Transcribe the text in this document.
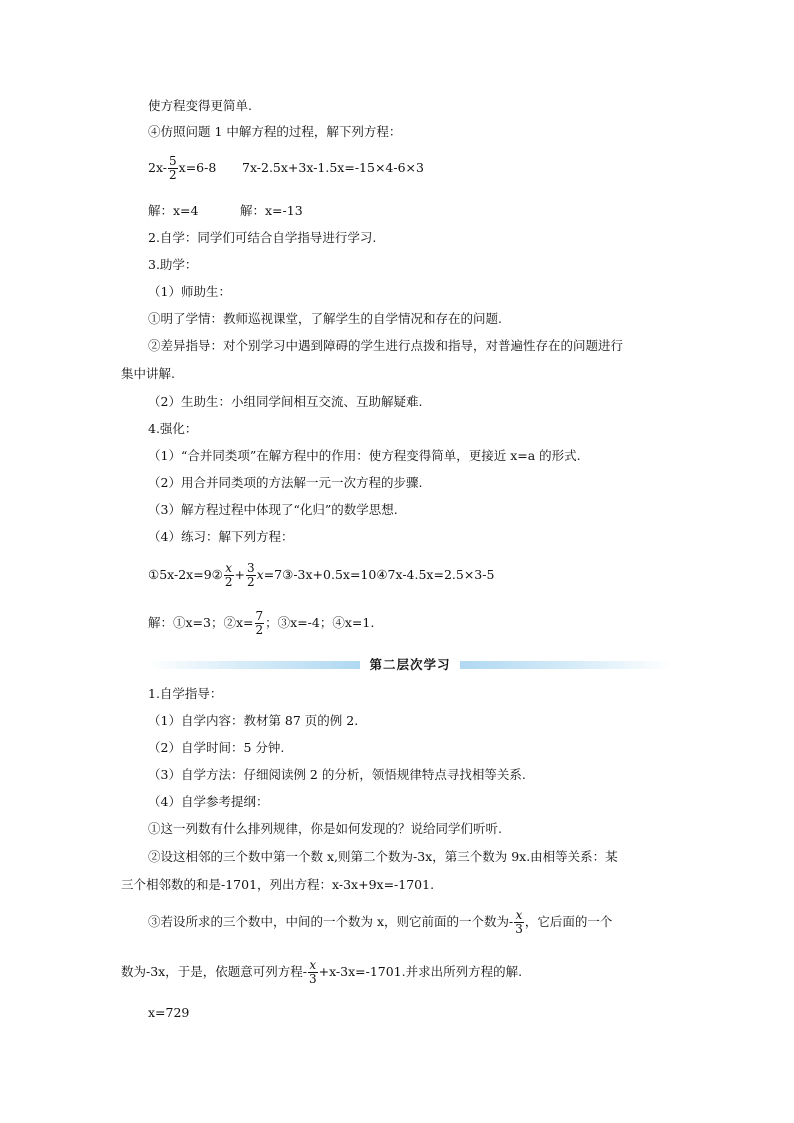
使方程变得更简单.
④仿照问题 1 中解方程的过程，解下列方程：
$2x- \frac{5}{2} x=6-8$ 7x-2.5x+3x-1.5x=-15×4-6×3
解：x=4	解：x=-13
2.自学：同学们可结合自学指导进行学习.
3.助学：
（1）师助生：
①明了学情：教师巡视课堂，了解学生的自学情况和存在的问题.
②差异指导：对个别学习中遇到障碍的学生进行点拨和指导，对普遍性存在的问题进行
集中讲解.
（2）生助生：小组同学间相互交流、互助解疑难.
4.强化：
（1）“合并同类项”在解方程中的作用：使方程变得简单，更接近 x=a 的形式.
（2）用合并同类项的方法解一元一次方程的步骤.
（3）解方程过程中体现了“化归”的数学思想.
（4）练习：解下列方程：
①5x-2x=9② $\frac{x}{2} + \frac{3}{2}$ x=7③-3x+0.5x=10④7x-4.5x=2.5×3-5
解：①x=3；②x= $\frac{7}{2}$ ；③x=-4；④x=1.
第二层次学习
1.自学指导：
（1）自学内容：教材第 87 页的例 2.
（2）自学时间：5 分钟.
（3）自学方法：仔细阅读例 2 的分析，领悟规律特点寻找相等关系.
（4）自学参考提纲：
①这一列数有什么排列规律，你是如何发现的？说给同学们听听.
②设这相邻的三个数中第一个数 x,则第二个数为-3x，第三个数为 9x.由相等关系：某
三个相邻数的和是-1701，列出方程：x-3x+9x=-1701.
③若设所求的三个数中，中间的一个数为 x，则它前面的一个数为- $\frac{x}{3}$ ，它后面的一个
数为-3x，于是，依题意可列方程- $\frac{x}{3} +x-3x=-1701$.并求出所列方程的解.
x=729
